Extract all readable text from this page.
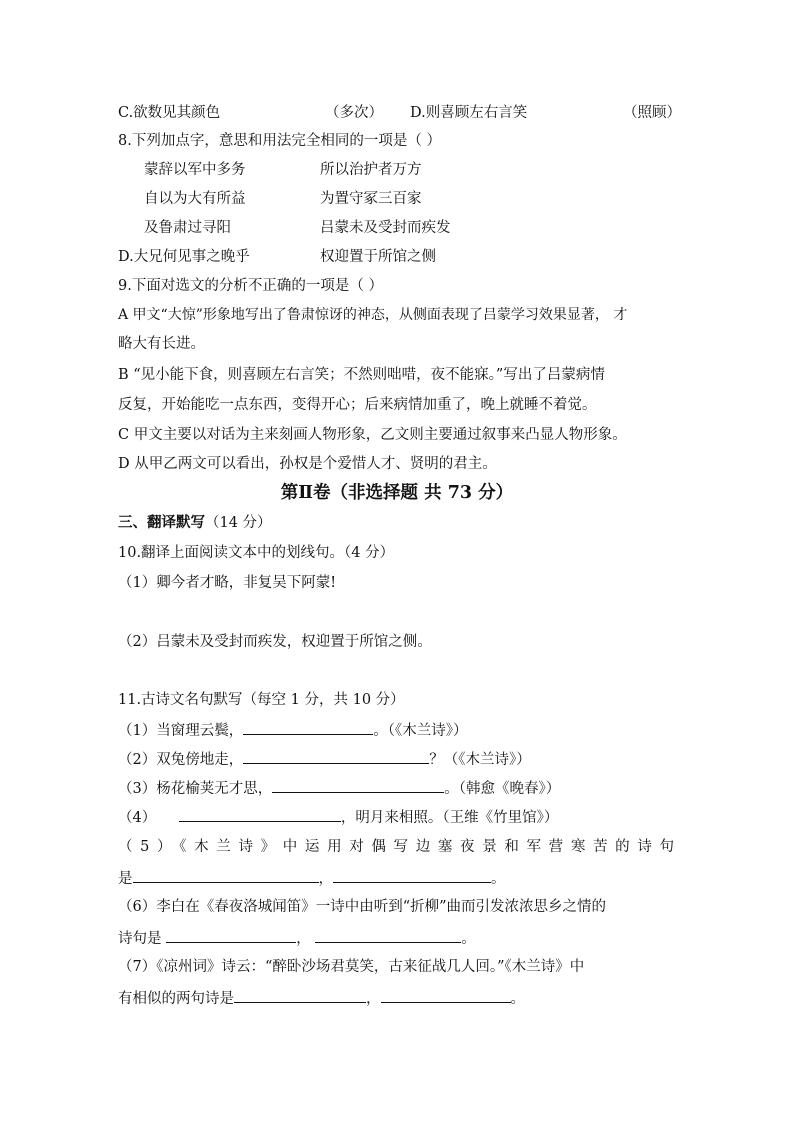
C.欲数见其颜色	（多次） D.则喜顾左右言笑	（照顾）
8.下列加点字，意思和用法完全相同的一项是（ ）
蒙辞以军中多务	所以治护者万方
自以为大有所益	为置守冢三百家
及鲁肃过寻阳	吕蒙未及受封而疾发
D.大兄何见事之晚乎	权迎置于所馆之侧
9.下面对选文的分析不正确的一项是（ ）
A 甲文“大惊”形象地写出了鲁肃惊讶的神态，从侧面表现了吕蒙学习效果显著， 才
略大有长进。
B “见小能下食，则喜顾左右言笑；不然则咄唶，夜不能寐。”写出了吕蒙病情
反复，开始能吃一点东西，变得开心；后来病情加重了，晚上就睡不着觉。
C 甲文主要以对话为主来刻画人物形象，乙文则主要通过叙事来凸显人物形象。
D 从甲乙两文可以看出，孙权是个爱惜人才、贤明的君主。
第Ⅱ卷（非选择题 共 73 分）
三、翻译默写（14 分）
10.翻译上面阅读文本中的划线句。（4 分）
（1）卿今者才略，非复吴下阿蒙!
（2）吕蒙未及受封而疾发，权迎置于所馆之侧。
11.古诗文名句默写（每空 1 分，共 10 分）
（1）当窗理云鬓，	。（《木兰诗》）
（2）双兔傍地走，	？（《木兰诗》）
（3）杨花榆荚无才思，	。（韩愈《晚春》）
（4）	，明月来相照。（王维《竹里馆》）
（5）《木兰诗》中运用对偶写边塞夜景和军营寒苦的诗句
是	，	。
（6）李白在《春夜洛城闻笛》一诗中由听到“折柳”曲而引发浓浓思乡之情的
诗句是	，	。
（7）《凉州词》诗云：“醉卧沙场君莫笑，古来征战几人回。”《木兰诗》中
有相似的两句诗是	，	。
